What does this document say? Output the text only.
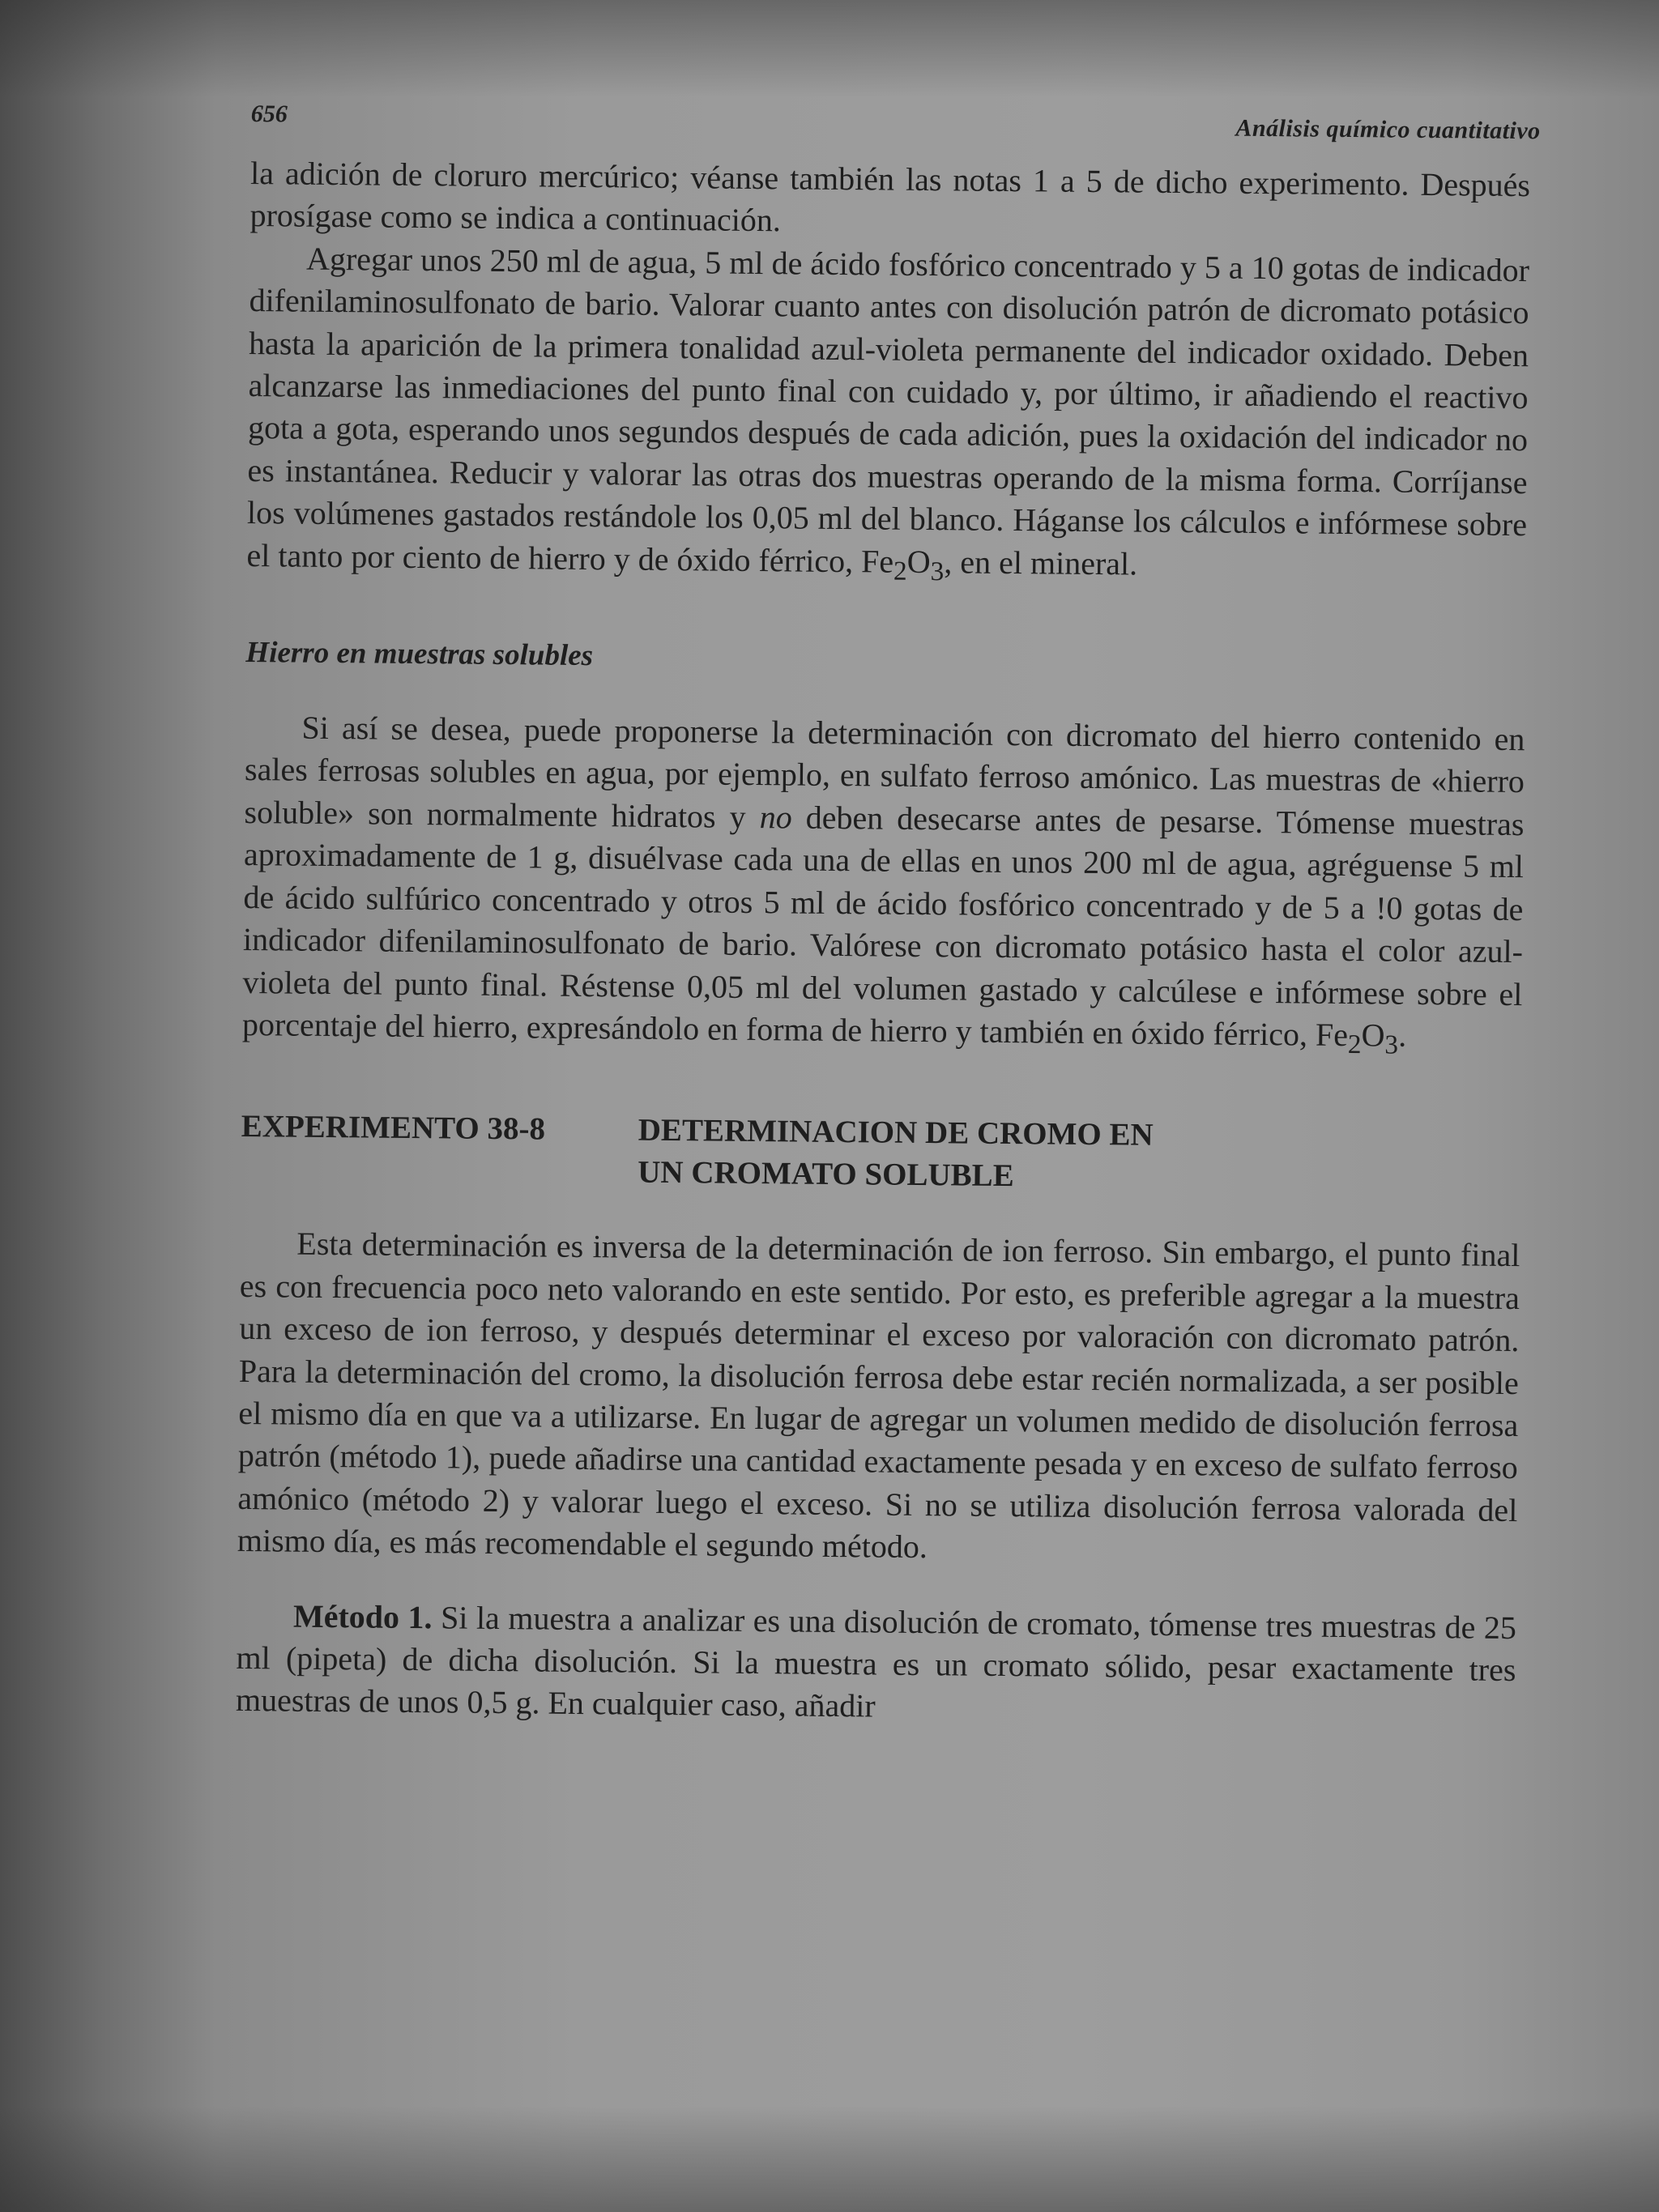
656
Análisis químico cuantitativo

la adición de cloruro mercúrico; véanse también las notas 1 a 5 de dicho experimento. Después prosígase como se indica a continuación.

Agregar unos 250 ml de agua, 5 ml de ácido fosfórico concentrado y 5 a 10 gotas de indicador difenilaminosulfonato de bario. Valorar cuanto antes con disolución patrón de dicromato potásico hasta la aparición de la primera tonalidad azul-violeta permanente del indicador oxidado. Deben alcanzarse las inmediaciones del punto final con cuidado y, por último, ir añadiendo el reactivo gota a gota, esperando unos segundos después de cada adición, pues la oxidación del indicador no es instantánea. Reducir y valorar las otras dos muestras operando de la misma forma. Corríjanse los volúmenes gastados restándole los 0,05 ml del blanco. Háganse los cálculos e infórmese sobre el tanto por ciento de hierro y de óxido férrico, $Fe_2O_3$, en el mineral.

Hierro en muestras solubles

Si así se desea, puede proponerse la determinación con dicromato del hierro contenido en sales ferrosas solubles en agua, por ejemplo, en sulfato ferroso amónico. Las muestras de «hierro soluble» son normalmente hidratos y no deben desecarse antes de pesarse. Tómense muestras aproximadamente de 1 g, disuélvase cada una de ellas en unos 200 ml de agua, agréguense 5 ml de ácido sulfúrico concentrado y otros 5 ml de ácido fosfórico concentrado y de 5 a !0 gotas de indicador difenilaminosulfonato de bario. Valórese con dicromato potásico hasta el color azul-violeta del punto final. Réstense 0,05 ml del volumen gastado y calcúlese e infórmese sobre el porcentaje del hierro, expresándolo en forma de hierro y también en óxido férrico, $Fe_2O_3$.

EXPERIMENTO 38-8	DETERMINACION DE CROMO EN
UN CROMATO SOLUBLE

Esta determinación es inversa de la determinación de ion ferroso. Sin embargo, el punto final es con frecuencia poco neto valorando en este sentido. Por esto, es preferible agregar a la muestra un exceso de ion ferroso, y después determinar el exceso por valoración con dicromato patrón. Para la determinación del cromo, la disolución ferrosa debe estar recién normalizada, a ser posible el mismo día en que va a utilizarse. En lugar de agregar un volumen medido de disolución ferrosa patrón (método 1), puede añadirse una cantidad exactamente pesada y en exceso de sulfato ferroso amónico (método 2) y valorar luego el exceso. Si no se utiliza disolución ferrosa valorada del mismo día, es más recomendable el segundo método.

Método 1. Si la muestra a analizar es una disolución de cromato, tómense tres muestras de 25 ml (pipeta) de dicha disolución. Si la muestra es un cromato sólido, pesar exactamente tres muestras de unos 0,5 g. En cualquier caso, añadir
